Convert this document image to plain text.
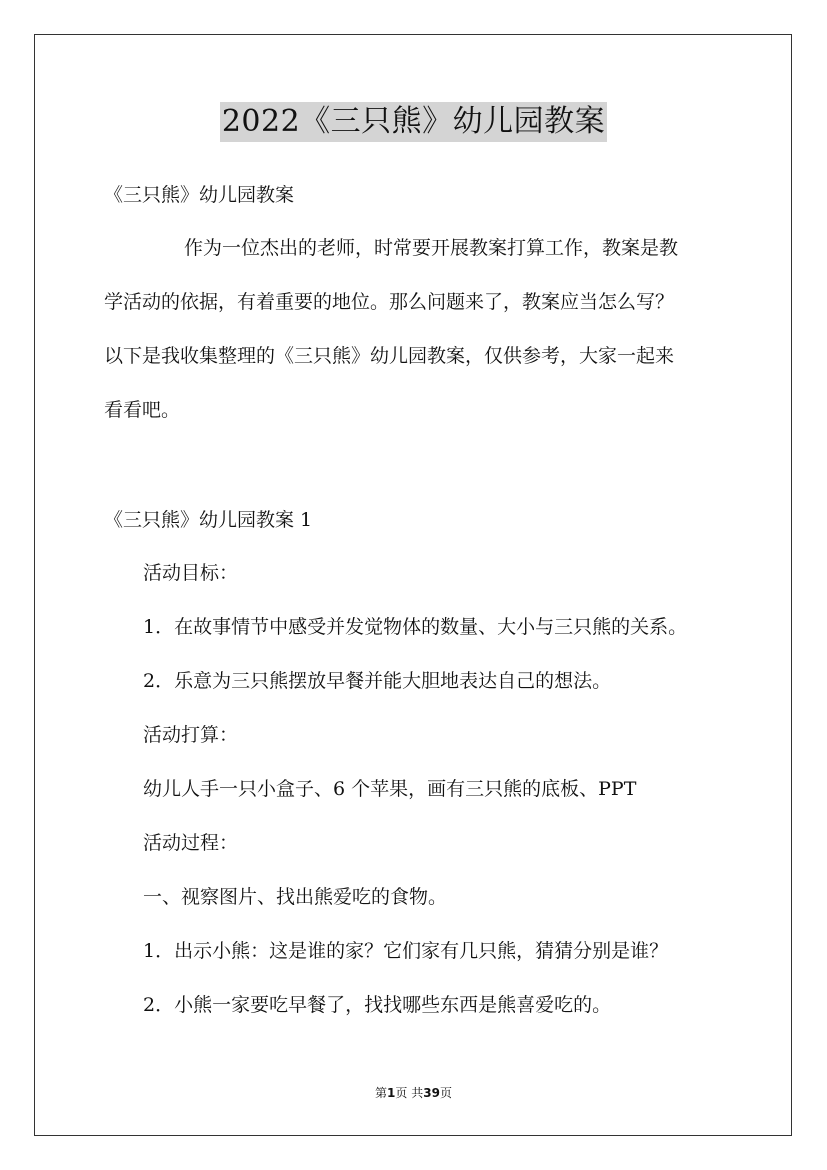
2022《三只熊》幼儿园教案
《三只熊》幼儿园教案
作为一位杰出的老师，时常要开展教案打算工作，教案是教
学活动的依据，有着重要的地位。那么问题来了，教案应当怎么写？
以下是我收集整理的《三只熊》幼儿园教案，仅供参考，大家一起来
看看吧。
《三只熊》幼儿园教案 1
活动目标：
1．在故事情节中感受并发觉物体的数量、大小与三只熊的关系。
2．乐意为三只熊摆放早餐并能大胆地表达自己的想法。
活动打算：
幼儿人手一只小盒子、6 个苹果，画有三只熊的底板、PPT
活动过程：
一、视察图片、找出熊爱吃的食物。
1．出示小熊：这是谁的家？它们家有几只熊，猜猜分别是谁？
2．小熊一家要吃早餐了，找找哪些东西是熊喜爱吃的。
第1页 共39页
